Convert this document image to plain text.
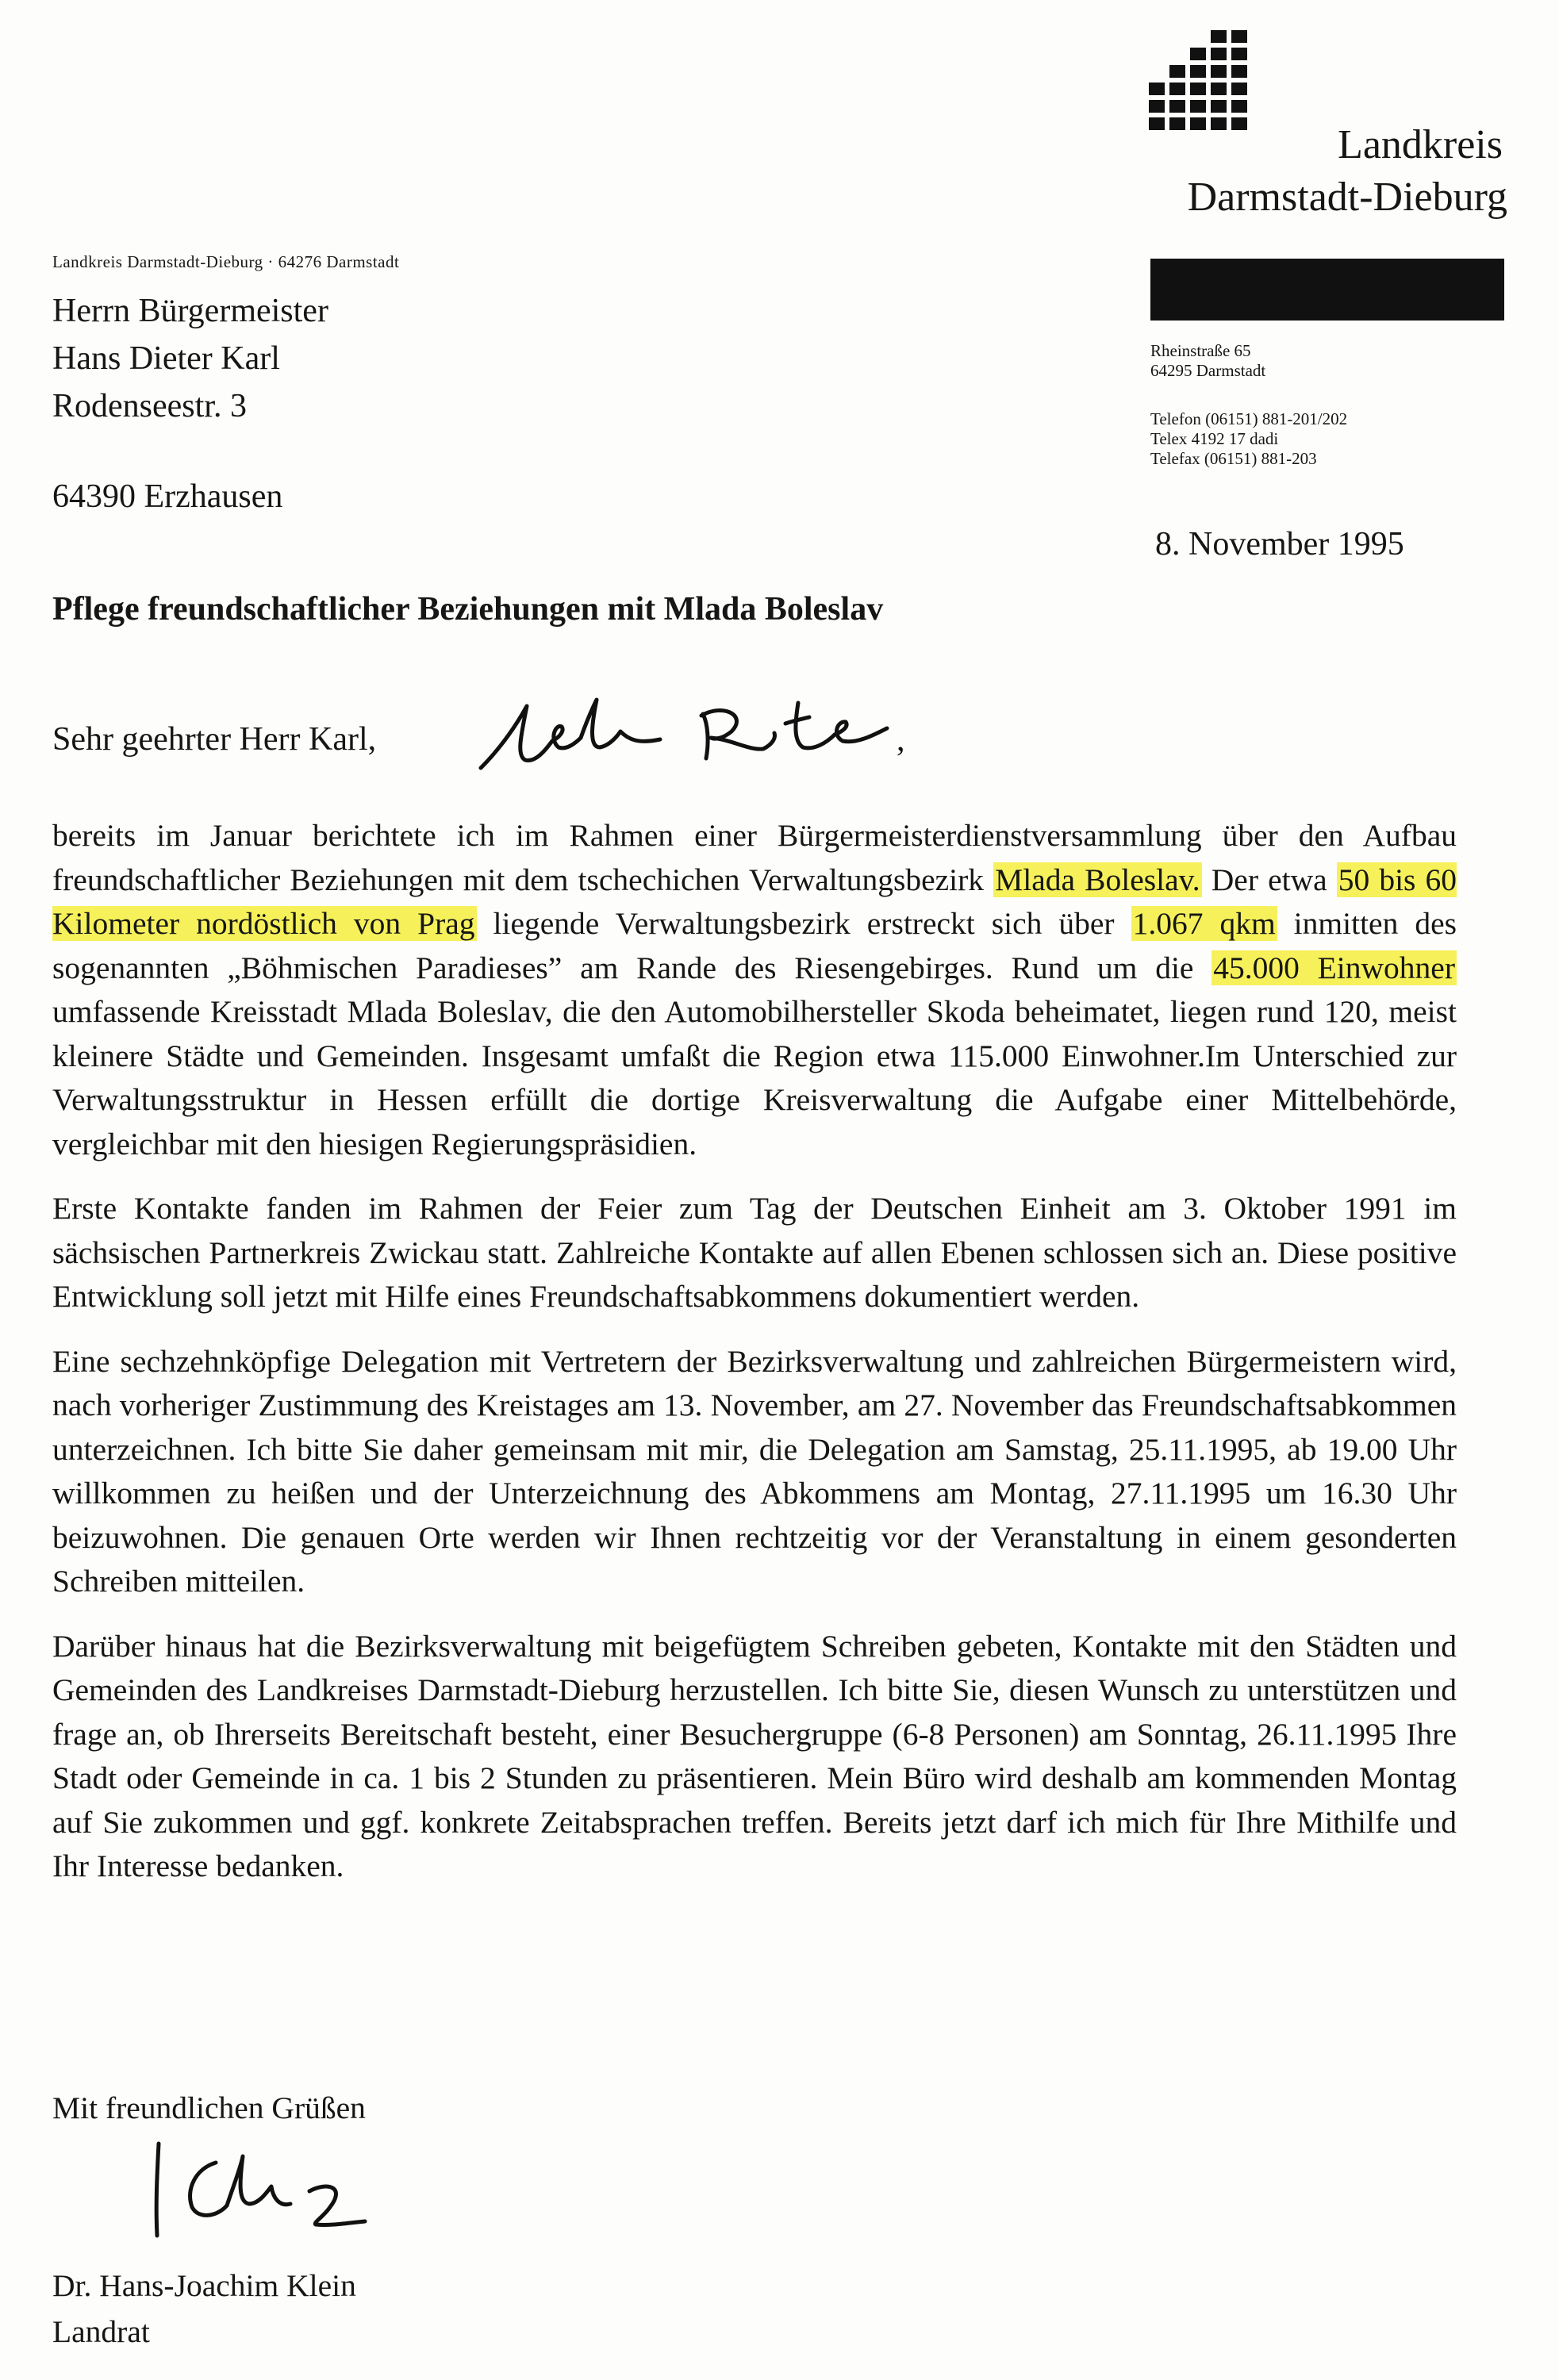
Landkreis
Darmstadt-Dieburg
Landkreis Darmstadt-Dieburg · 64276 Darmstadt
Herrn Bürgermeister
Hans Dieter Karl
Rodenseestr. 3
64390 Erzhausen
Rheinstraße 65
64295 Darmstadt
Telefon (06151) 881-201/202
Telex 4192 17 dadi
Telefax (06151) 881-203
8. November 1995
Pflege freundschaftlicher Beziehungen mit Mlada Boleslav
Sehr geehrter Herr Karl,	,

bereits im Januar berichtete ich im Rahmen einer Bürgermeisterdienstversammlung über den Aufbau freundschaftlicher Beziehungen mit dem tschechichen Verwaltungsbezirk Mlada Boleslav. Der etwa 50 bis 60 Kilometer nordöstlich von Prag liegende Verwaltungsbezirk erstreckt sich über 1.067 qkm inmitten des sogenannten „Böhmischen Paradieses” am Rande des Riesengebirges. Rund um die 45.000 Einwohner umfassende Kreisstadt Mlada Boleslav, die den Automobilhersteller Skoda beheimatet, liegen rund 120, meist kleinere Städte und Gemeinden. Insgesamt umfaßt die Region etwa 115.000 Einwohner.Im Unterschied zur Verwaltungsstruktur in Hessen erfüllt die dortige Kreisverwaltung die Aufgabe einer Mittelbehörde, vergleichbar mit den hiesigen Regierungspräsidien.

Erste Kontakte fanden im Rahmen der Feier zum Tag der Deutschen Einheit am 3. Oktober 1991 im sächsischen Partnerkreis Zwickau statt. Zahlreiche Kontakte auf allen Ebenen schlossen sich an. Diese positive Entwicklung soll jetzt mit Hilfe eines Freundschaftsabkommens dokumentiert werden.

Eine sechzehnköpfige Delegation mit Vertretern der Bezirksverwaltung und zahlreichen Bürgermeistern wird, nach vorheriger Zustimmung des Kreistages am 13. November, am 27. November das Freundschaftsabkommen unterzeichnen. Ich bitte Sie daher gemeinsam mit mir, die Delegation am Samstag, 25.11.1995, ab 19.00 Uhr willkommen zu heißen und der Unterzeichnung des Abkommens am Montag, 27.11.1995 um 16.30 Uhr beizuwohnen. Die genauen Orte werden wir Ihnen rechtzeitig vor der Veranstaltung in einem gesonderten Schreiben mitteilen.

Darüber hinaus hat die Bezirksverwaltung mit beigefügtem Schreiben gebeten, Kontakte mit den Städten und Gemeinden des Landkreises Darmstadt-Dieburg herzustellen. Ich bitte Sie, diesen Wunsch zu unterstützen und frage an, ob Ihrerseits Bereitschaft besteht, einer Besuchergruppe (6-8 Personen) am Sonntag, 26.11.1995 Ihre Stadt oder Gemeinde in ca. 1 bis 2 Stunden zu präsentieren. Mein Büro wird deshalb am kommenden Montag auf Sie zukommen und ggf. konkrete Zeitabsprachen treffen. Bereits jetzt darf ich mich für Ihre Mithilfe und Ihr Interesse bedanken.

Mit freundlichen Grüßen
Dr. Hans-Joachim Klein
Landrat
